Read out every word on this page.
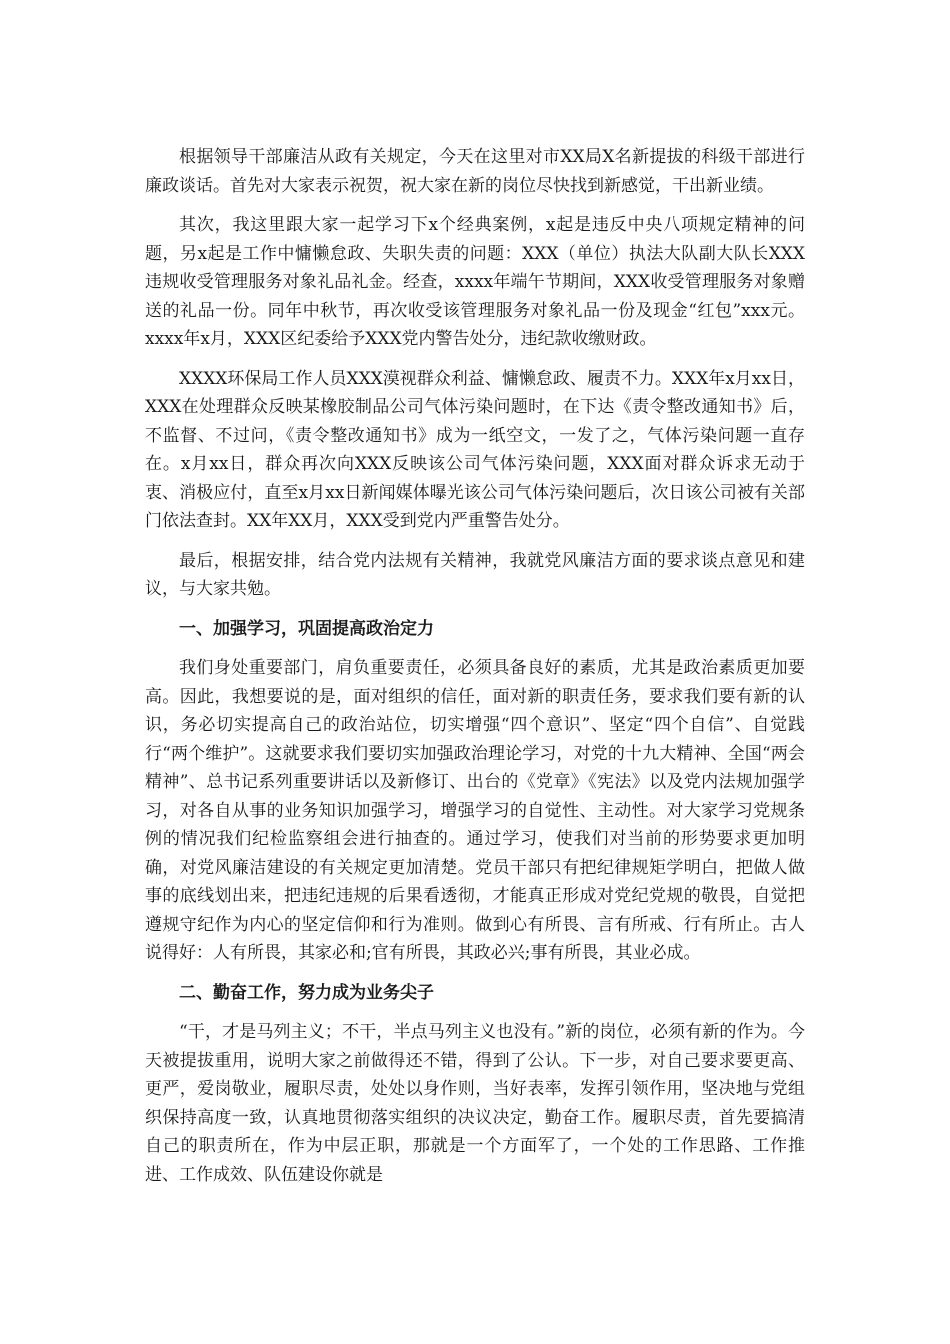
根据领导干部廉洁从政有关规定，今天在这里对市XX局X名新提拔的科级干部进行廉政谈话。首先对大家表示祝贺，祝大家在新的岗位尽快找到新感觉，干出新业绩。

其次，我这里跟大家一起学习下x个经典案例，x起是违反中央八项规定精神的问题，另x起是工作中慵懒怠政、失职失责的问题：XXX（单位）执法大队副大队长XXX违规收受管理服务对象礼品礼金。经查，xxxx年端午节期间，XXX收受管理服务对象赠送的礼品一份。同年中秋节，再次收受该管理服务对象礼品一份及现金“红包”xxx元。xxxx年x月，XXX区纪委给予XXX党内警告处分，违纪款收缴财政。

XXXX环保局工作人员XXX漠视群众利益、慵懒怠政、履责不力。XXX年x月xx日，XXX在处理群众反映某橡胶制品公司气体污染问题时，在下达《责令整改通知书》后，不监督、不过问，《责令整改通知书》成为一纸空文，一发了之，气体污染问题一直存在。x月xx日，群众再次向XXX反映该公司气体污染问题，XXX面对群众诉求无动于衷、消极应付，直至x月xx日新闻媒体曝光该公司气体污染问题后，次日该公司被有关部门依法查封。XX年XX月，XXX受到党内严重警告处分。

最后，根据安排，结合党内法规有关精神，我就党风廉洁方面的要求谈点意见和建议，与大家共勉。

一、加强学习，巩固提高政治定力

我们身处重要部门，肩负重要责任，必须具备良好的素质，尤其是政治素质更加要高。因此，我想要说的是，面对组织的信任，面对新的职责任务，要求我们要有新的认识，务必切实提高自己的政治站位，切实增强“四个意识”、坚定“四个自信”、自觉践行“两个维护”。这就要求我们要切实加强政治理论学习，对党的十九大精神、全国“两会精神”、总书记系列重要讲话以及新修订、出台的《党章》《宪法》以及党内法规加强学习，对各自从事的业务知识加强学习，增强学习的自觉性、主动性。对大家学习党规条例的情况我们纪检监察组会进行抽查的。通过学习，使我们对当前的形势要求更加明确，对党风廉洁建设的有关规定更加清楚。党员干部只有把纪律规矩学明白，把做人做事的底线划出来，把违纪违规的后果看透彻，才能真正形成对党纪党规的敬畏，自觉把遵规守纪作为内心的坚定信仰和行为准则。做到心有所畏、言有所戒、行有所止。古人说得好：人有所畏，其家必和;官有所畏，其政必兴;事有所畏，其业必成。

二、勤奋工作，努力成为业务尖子

“干，才是马列主义；不干，半点马列主义也没有。”新的岗位，必须有新的作为。今天被提拔重用，说明大家之前做得还不错，得到了公认。下一步，对自己要求要更高、更严，爱岗敬业，履职尽责，处处以身作则，当好表率，发挥引领作用，坚决地与党组织保持高度一致，认真地贯彻落实组织的决议决定，勤奋工作。履职尽责，首先要搞清自己的职责所在，作为中层正职，那就是一个方面军了，一个处的工作思路、工作推进、工作成效、队伍建设你就是
